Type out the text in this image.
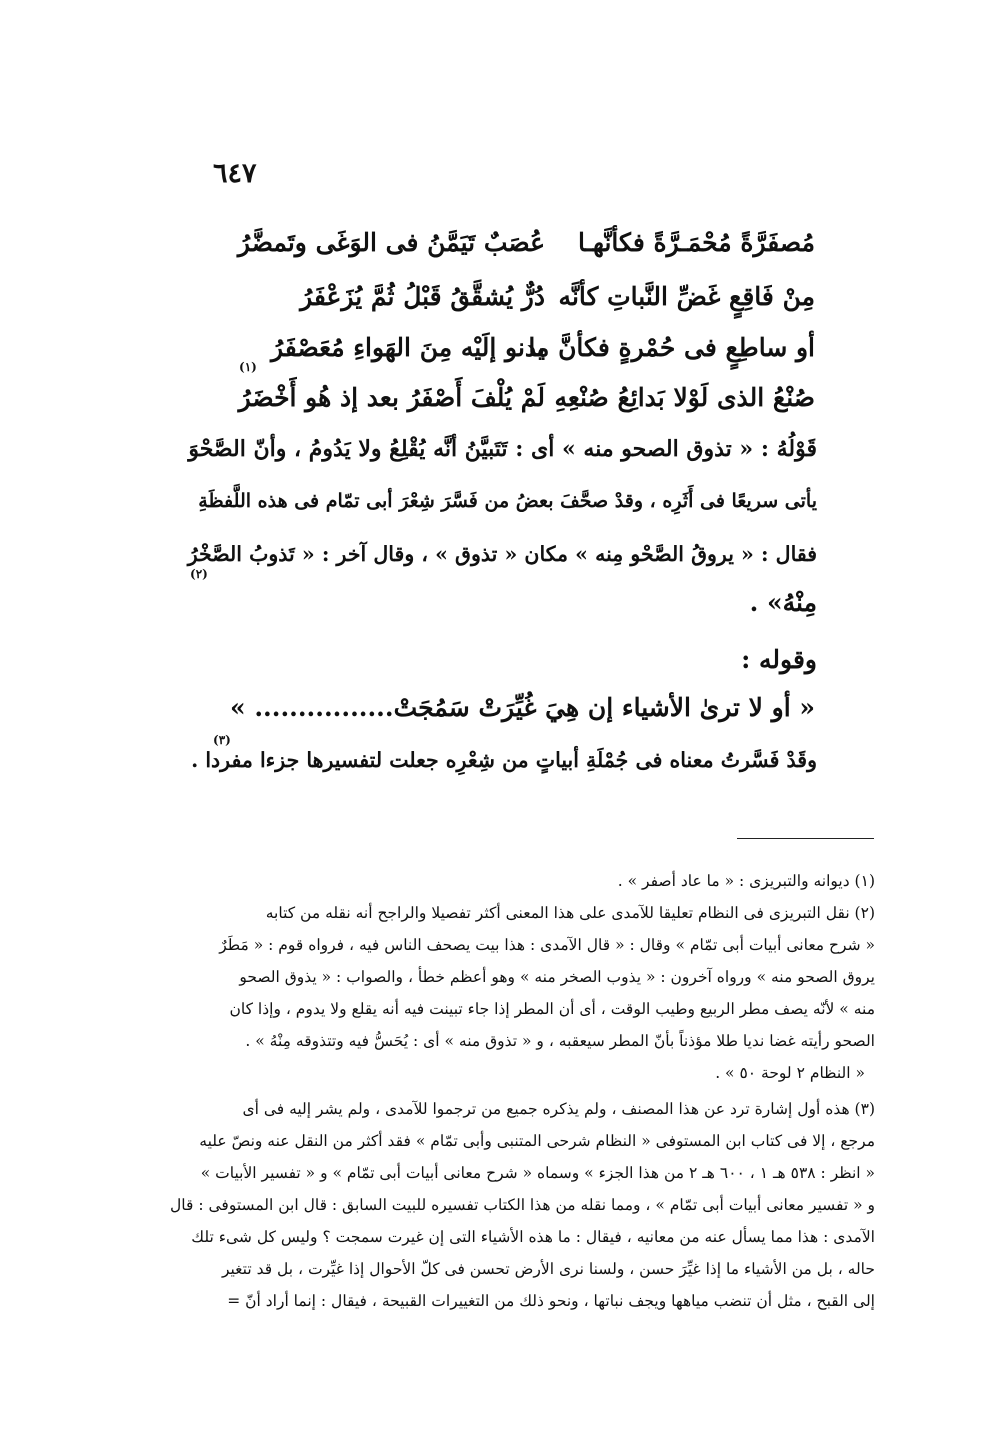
٦٤٧
مُصفَرَّةً مُحْمَـرَّةً فكأنَّهـا
عُصَبٌ تَيَمَّنُ فى الوَغَى وتَمضَّرُ
مِنْ فَاقِعٍ غَضِّ النَّباتِ كأنَّه
دُرٌّ يُشقَّقُ قَبْلُ ثُمَّ يُزَعْفَرُ
أو ساطِعٍ فى حُمْرةٍ فكأنَّ ما
يدنو إلَيْه مِنَ الهَواءِ مُعَصْفَرُ
(١)
صُنْعُ الذى لَوْلا بَدائِعُ صُنْعِهِ
لَمْ يُلْفَ أَصْفَرُ بعد إذ هُو أَخْضَرُ
قَوْلُهُ : « تذوق الصحو منه » أى : تَتَبيَّنُ أنَّه يُقْلِعُ ولا يَدُومُ ، وأنّ الصَّحْوَ
يأتى سريعًا فى أَثَرِه ، وقدْ صحَّفَ بعضُ من فَسَّرَ شِعْرَ أبى تمّام فى هذه اللَّفظَةِ
فقال : « يروقُ الصَّحْو مِنه » مكان « تذوق » ، وقال آخر : « تَذوبُ الصَّخْرُ
(٢)
مِنْهُ» .
وقوله :
« أو لا ترىٰ الأشياء إن هِيَ غُيِّرَتْ
سَمُجَتْ................ »
(٣)
وقَدْ فَسَّرتُ معناه فى جُمْلَةِ أبياتٍ من شِعْرِه جعلت لتفسيرها جزءا مفردا .
(١) ديوانه والتبريزى : « ما عاد أصفر » .
(٢) نقل التبريزى فى النظام تعليقا للآمدى على هذا المعنى أكثر تفصيلا والراجح أنه نقله من كتابه
« شرح معانى أبيات أبى تمّام » وقال : « قال الآمدى : هذا بيت يصحف الناس فيه ، فرواه قوم : « مَطَرٌ
يروق الصحو منه » ورواه آخرون : « يذوب الصخر منه » وهو أعظم خطأ ، والصواب : « يذوق الصحو
منه » لأنّه يصف مطر الربيع وطيب الوقت ، أى أن المطر إذا جاء تبينت فيه أنه يقلع ولا يدوم ، وإذا كان
الصحو رأيته غضا نديا طلا مؤذناً بأنّ المطر سيعقبه ، و « تذوق منه » أى : يُحَسُّ فيه وتتذوقه مِنْهُ » .
« النظام ٢ لوحة ٥٠ » .
(٣) هذه أول إشارة ترد عن هذا المصنف ، ولم يذكره جميع من ترجموا للآمدى ، ولم يشر إليه فى أى
مرجع ، إلا فى كتاب ابن المستوفى « النظام شرحى المتنبى وأبى تمّام » فقد أكثر من النقل عنه ونصّ عليه
« انظر : ٥٣٨ هـ ١ ، ٦٠٠ هـ ٢ من هذا الجزء » وسماه « شرح معانى أبيات أبى تمّام » و « تفسير الأبيات »
و « تفسير معانى أبيات أبى تمّام » ، ومما نقله من هذا الكتاب تفسيره للبيت السابق : قال ابن المستوفى : قال
الآمدى : هذا مما يسأل عنه من معانيه ، فيقال : ما هذه الأشياء التى إن غيرت سمجت ؟ وليس كل شىء تلك
حاله ، بل من الأشياء ما إذا غيِّرَ حسن ، ولسنا نرى الأرض تحسن فى كلّ الأحوال إذا غيِّرت ، بل قد تتغير
إلى القبح ، مثل أن تنضب مياهها ويجف نباتها ، ونحو ذلك من التغييرات القبيحة ، فيقال : إنما أراد أنّ =
